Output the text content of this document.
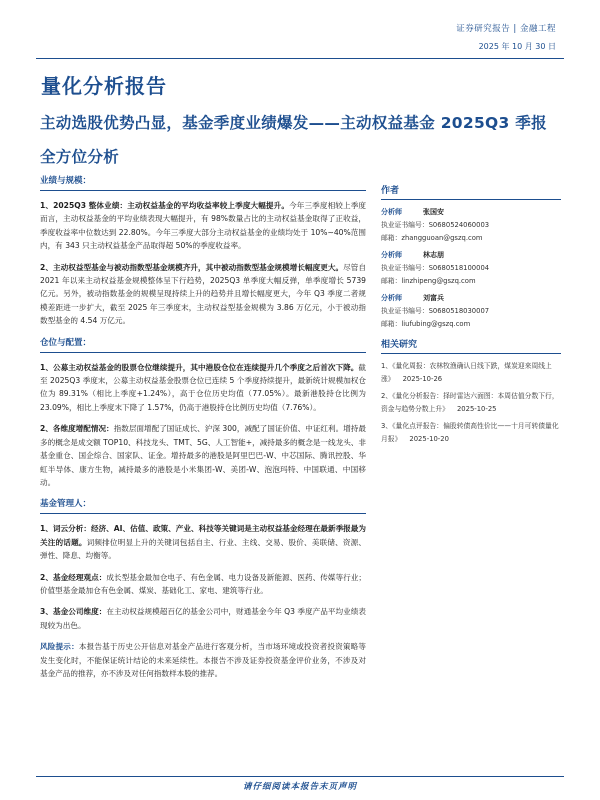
证券研究报告 | 金融工程
2025 年 10 月 30 日
量化分析报告
主动选股优势凸显，基金季度业绩爆发——主动权益基金 2025Q3 季报全方位分析
业绩与规模：

1、2025Q3 整体业绩：主动权益基金的平均收益率较上季度大幅提升。今年三季度相较上季度而言，主动权益基金的平均业绩表现大幅提升，有 98%数量占比的主动权益基金取得了正收益，季度收益率中位数达到 22.80%。今年三季度大部分主动权益基金的业绩均处于 10%~40%范围内，有 343 只主动权益基金产品取得超 50%的季度收益率。

2、主动权益型基金与被动指数型基金规模齐升，其中被动指数型基金规模增长幅度更大。尽管自 2021 年以来主动权益基金规模整体呈下行趋势，2025Q3 单季度大幅反弹，单季度增长 5739 亿元。另外，被动指数基金的规模呈现持续上升的趋势并且增长幅度更大，今年 Q3 季度二者规模差距进一步扩大，截至 2025 年三季度末，主动权益型基金规模为 3.86 万亿元，小于被动指数型基金的 4.54 万亿元。

仓位与配置：

1、公募主动权益基金的股票仓位继续提升，其中港股仓位在连续提升几个季度之后首次下降。截至 2025Q3 季度末，公募主动权益基金股票仓位已连续 5 个季度持续提升，最新统计规模加权仓位为 89.31%（相比上季度+1.24%），高于仓位历史均值（77.05%）。最新港股持仓比例为 23.09%，相比上季度末下降了 1.57%，仍高于港股持仓比例历史均值（7.76%）。

2、各维度增配情况：指数层面增配了国证成长、沪深 300，减配了国证价值、中证红利。增持最多的概念是成交额 TOP10、科技龙头、TMT、5G、人工智能+，减持最多的概念是一线龙头、非基金重仓、国企综合、国家队、证金。增持最多的港股是阿里巴巴-W、中芯国际、腾讯控股、华虹半导体、康方生物，减持最多的港股是小米集团-W、美团-W、泡泡玛特、中国联通、中国移动。

基金管理人：

1、词云分析：经济、AI、估值、政策、产业、科技等关键词是主动权益基金经理在最新季报最为关注的话题。词频排位明显上升的关键词包括自主、行业、主线、交易、股价、美联储、资源、弹性、降息、均衡等。

2、基金经理观点：成长型基金最加仓电子、有色金属、电力设备及新能源、医药、传媒等行业；价值型基金最加仓有色金属、煤炭、基础化工、家电、建筑等行业。

3、基金公司维度：在主动权益规模超百亿的基金公司中，财通基金今年 Q3 季度产品平均业绩表现较为出色。

风险提示：本报告基于历史公开信息对基金产品进行客观分析，当市场环境或投资者投资策略等发生变化时，不能保证统计结论的未来延续性。本报告不涉及证券投资基金评价业务，不涉及对基金产品的推荐，亦不涉及对任何指数样本股的推荐。
作者
分析师	张国安
执业证书编号：S0680524060003
邮箱：zhangguoan@gszq.com
分析师	林志朋
执业证书编号：S0680518100004
邮箱：linzhipeng@gszq.com
分析师	刘富兵
执业证书编号：S0680518030007
邮箱：liufubing@gszq.com
相关研究
1、《量化周报：农林牧渔确认日线下跌，煤炭迎来周线上涨》 2025-10-26
2、《量化分析报告：择时雷达六面图：本周估值分数下行，资金与趋势分数上升》 2025-10-25
3、《量化点评报告：偏股转债高性价比——十月可转债量化月报》 2025-10-20
请仔细阅读本报告末页声明
